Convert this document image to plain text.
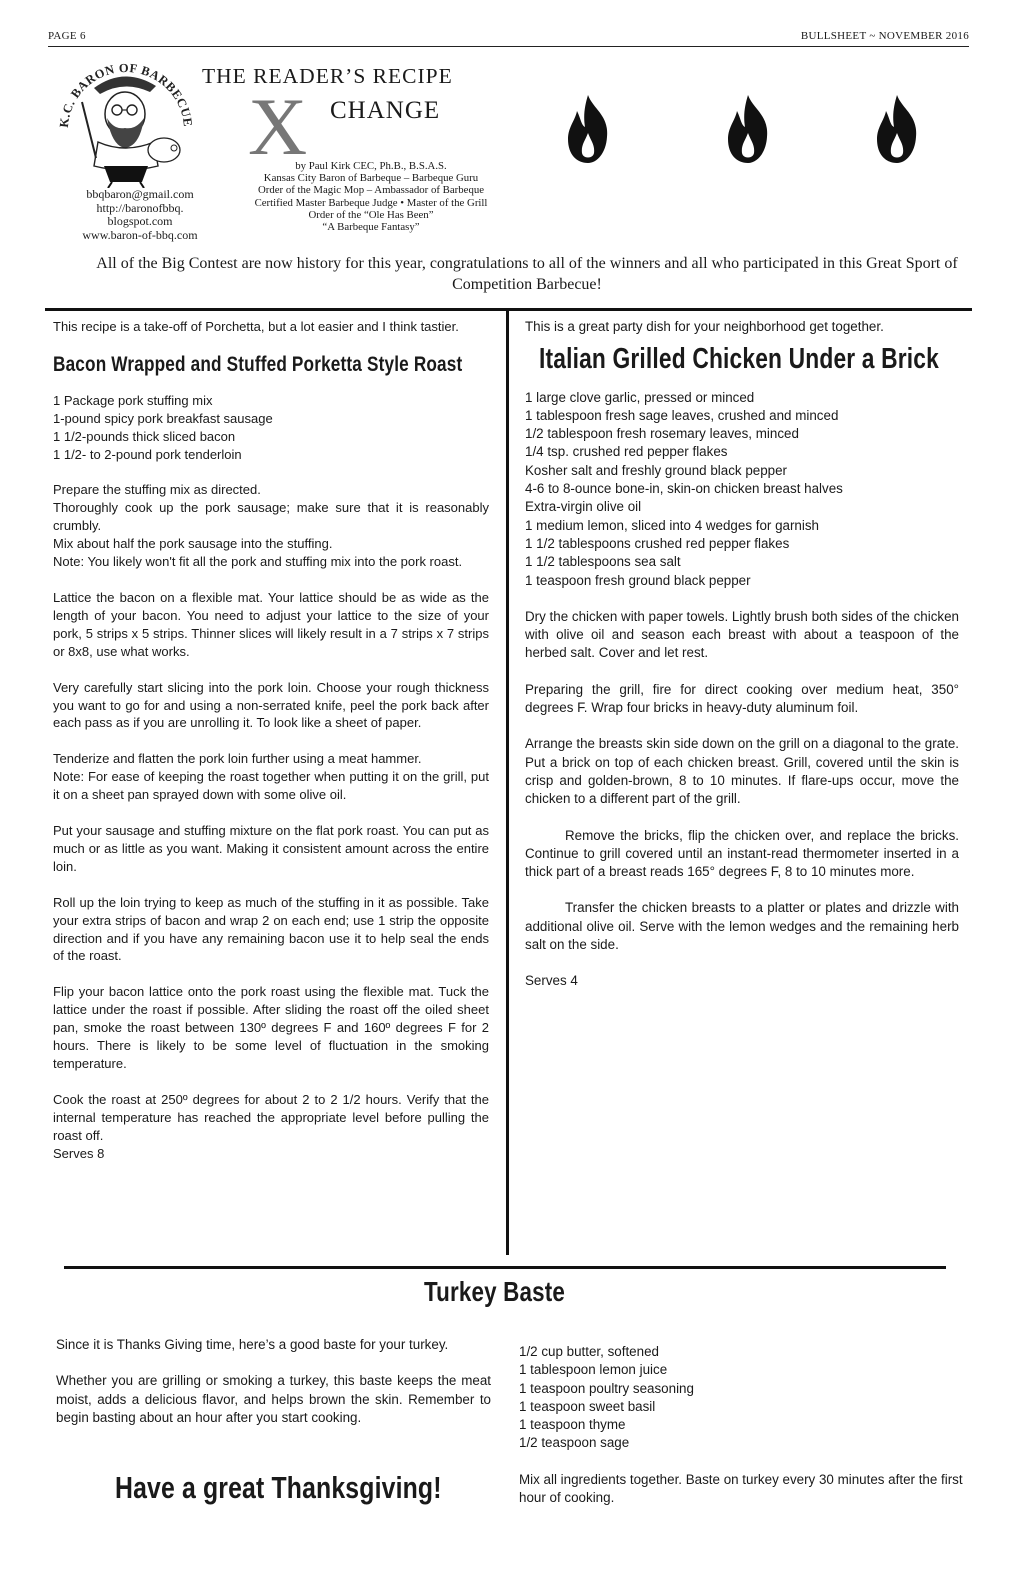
PAGE 6	BULLSHEET ~ NOVEMBER 2016
K.C. BARON OF BARBECUE
bbqbaron@gmail.com
http://baronofbbq.
blogspot.com
www.baron-of-bbq.com
THE READER’S RECIPE
X CHANGE
by Paul Kirk CEC, Ph.B., B.S.A.S.
Kansas City Baron of Barbeque – Barbeque Guru
Order of the Magic Mop – Ambassador of Barbeque
Certified Master Barbeque Judge • Master of the Grill
Order of the “Ole Has Been”
“A Barbeque Fantasy”
All of the Big Contest are now history for this year, congratulations to all of the winners and all who participated in this Great Sport of Competition Barbecue!

This recipe is a take-off of Porchetta, but a lot easier and I think tastier.

Bacon Wrapped and Stuffed Porketta Style Roast

1 Package pork stuffing mix
1-pound spicy pork breakfast sausage
1 1/2-pounds thick sliced bacon
1 1/2- to 2-pound pork tenderloin

Prepare the stuffing mix as directed.
Thoroughly cook up the pork sausage; make sure that it is reasonably crumbly.
Mix about half the pork sausage into the stuffing.
Note: You likely won't fit all the pork and stuffing mix into the pork roast.

Lattice the bacon on a flexible mat. Your lattice should be as wide as the length of your bacon. You need to adjust your lattice to the size of your pork, 5 strips x 5 strips. Thinner slices will likely result in a 7 strips x 7 strips or 8x8, use what works.

Very carefully start slicing into the pork loin. Choose your rough thickness you want to go for and using a non-serrated knife, peel the pork back after each pass as if you are unrolling it. To look like a sheet of paper.

Tenderize and flatten the pork loin further using a meat hammer.
Note: For ease of keeping the roast together when putting it on the grill, put it on a sheet pan sprayed down with some olive oil.

Put your sausage and stuffing mixture on the flat pork roast. You can put as much or as little as you want. Making it consistent amount across the entire loin.

Roll up the loin trying to keep as much of the stuffing in it as possible. Take your extra strips of bacon and wrap 2 on each end; use 1 strip the opposite direction and if you have any remaining bacon use it to help seal the ends of the roast.

Flip your bacon lattice onto the pork roast using the flexible mat. Tuck the lattice under the roast if possible. After sliding the roast off the oiled sheet pan, smoke the roast between 130º degrees F and 160º degrees F for 2 hours. There is likely to be some level of fluctuation in the smoking temperature.

Cook the roast at 250º degrees for about 2 to 2 1/2 hours. Verify that the internal temperature has reached the appropriate level before pulling the roast off.
Serves 8

This is a great party dish for your neighborhood get together.

Italian Grilled Chicken Under a Brick

1 large clove garlic, pressed or minced
1 tablespoon fresh sage leaves, crushed and minced
1/2 tablespoon fresh rosemary leaves, minced
1/4 tsp. crushed red pepper flakes
Kosher salt and freshly ground black pepper
4-6 to 8-ounce bone-in, skin-on chicken breast halves
Extra-virgin olive oil
1 medium lemon, sliced into 4 wedges for garnish
1 1/2 tablespoons crushed red pepper flakes
1 1/2 tablespoons sea salt
1 teaspoon fresh ground black pepper

Dry the chicken with paper towels. Lightly brush both sides of the chicken with olive oil and season each breast with about a teaspoon of the herbed salt. Cover and let rest.

Preparing the grill, fire for direct cooking over medium heat, 350° degrees F. Wrap four bricks in heavy-duty aluminum foil.

Arrange the breasts skin side down on the grill on a diagonal to the grate. Put a brick on top of each chicken breast. Grill, covered until the skin is crisp and golden-brown, 8 to 10 minutes. If flare-ups occur, move the chicken to a different part of the grill.

Remove the bricks, flip the chicken over, and replace the bricks. Continue to grill covered until an instant-read thermometer inserted in a thick part of a breast reads 165° degrees F, 8 to 10 minutes more.

Transfer the chicken breasts to a platter or plates and drizzle with additional olive oil. Serve with the lemon wedges and the remaining herb salt on the side.

Serves 4

Turkey Baste

Since it is Thanks Giving time, here’s a good baste for your turkey.

Whether you are grilling or smoking a turkey, this baste keeps the meat moist, adds a delicious flavor, and helps brown the skin. Remember to begin basting about an hour after you start cooking.

1/2 cup butter, softened
1 tablespoon lemon juice
1 teaspoon poultry seasoning
1 teaspoon sweet basil
1 teaspoon thyme
1/2 teaspoon sage

Mix all ingredients together. Baste on turkey every 30 minutes after the first hour of cooking.

Have a great Thanksgiving!
